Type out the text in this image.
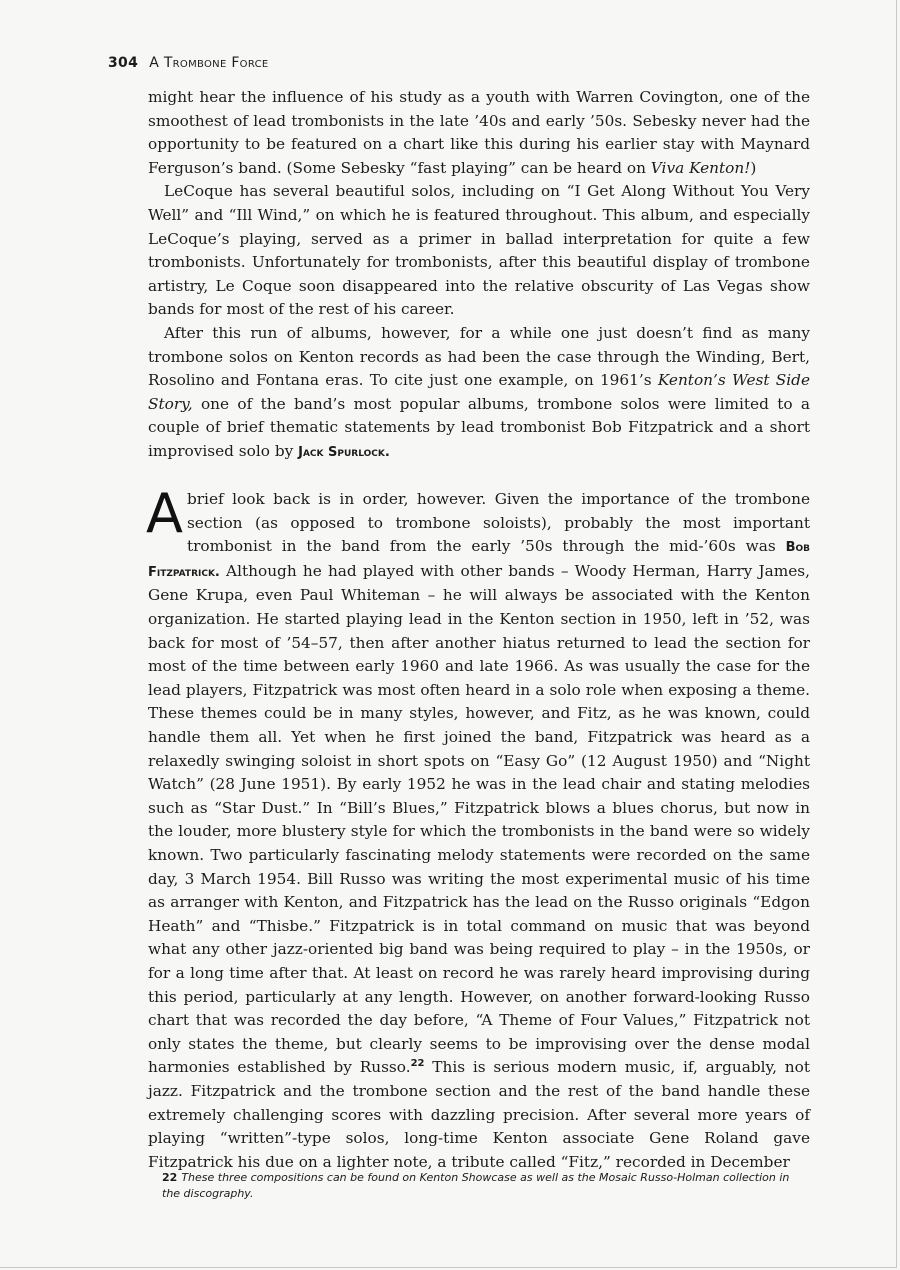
304 A Trombone Force

might hear the influence of his study as a youth with Warren Covington, one of the smoothest of lead trombonists in the late ’40s and early ’50s. Sebesky never had the opportunity to be featured on a chart like this during his earlier stay with Maynard Ferguson’s band. (Some Sebesky “fast playing” can be heard on Viva Kenton!)

LeCoque has several beautiful solos, including on “I Get Along Without You Very Well” and “Ill Wind,” on which he is featured throughout. This album, and especially LeCoque’s playing, served as a primer in ballad interpretation for quite a few trombonists. Unfortunately for trombonists, after this beautiful display of trombone artistry, Le Coque soon disappeared into the relative obscurity of Las Vegas show bands for most of the rest of his career.

After this run of albums, however, for a while one just doesn’t find as many trombone solos on Kenton records as had been the case through the Winding, Bert, Rosolino and Fontana eras. To cite just one example, on 1961’s Kenton’s West Side Story, one of the band’s most popular albums, trombone solos were limited to a couple of brief thematic statements by lead trombonist Bob Fitzpatrick and a short improvised solo by Jack Spurlock.

A brief look back is in order, however. Given the importance of the trombone section (as opposed to trombone soloists), probably the most important trombonist in the band from the early ’50s through the mid-’60s was Bob Fitzpatrick. Although he had played with other bands – Woody Herman, Harry James, Gene Krupa, even Paul Whiteman – he will always be associated with the Kenton organization. He started playing lead in the Kenton section in 1950, left in ’52, was back for most of ’54–57, then after another hiatus returned to lead the section for most of the time between early 1960 and late 1966. As was usually the case for the lead players, Fitzpatrick was most often heard in a solo role when exposing a theme. These themes could be in many styles, however, and Fitz, as he was known, could handle them all. Yet when he first joined the band, Fitzpatrick was heard as a relaxedly swinging soloist in short spots on “Easy Go” (12 August 1950) and “Night Watch” (28 June 1951). By early 1952 he was in the lead chair and stating melodies such as “Star Dust.” In “Bill’s Blues,” Fitzpatrick blows a blues chorus, but now in the louder, more blustery style for which the trombonists in the band were so widely known. Two particularly fascinating melody statements were recorded on the same day, 3 March 1954. Bill Russo was writing the most experimental music of his time as arranger with Kenton, and Fitzpatrick has the lead on the Russo originals “Edgon Heath” and “Thisbe.” Fitzpatrick is in total command on music that was beyond what any other jazz-oriented big band was being required to play – in the 1950s, or for a long time after that. At least on record he was rarely heard improvising during this period, particularly at any length. However, on another forward-looking Russo chart that was recorded the day before, “A Theme of Four Values,” Fitzpatrick not only states the theme, but clearly seems to be improvising over the dense modal harmonies established by Russo.$^{22}$ This is serious modern music, if, arguably, not jazz. Fitzpatrick and the trombone section and the rest of the band handle these extremely challenging scores with dazzling precision. After several more years of playing “written”-type solos, long-time Kenton associate Gene Roland gave Fitzpatrick his due on a lighter note, a tribute called “Fitz,” recorded in December

22 These three compositions can be found on Kenton Showcase as well as the Mosaic Russo-Holman collection in the discography.
